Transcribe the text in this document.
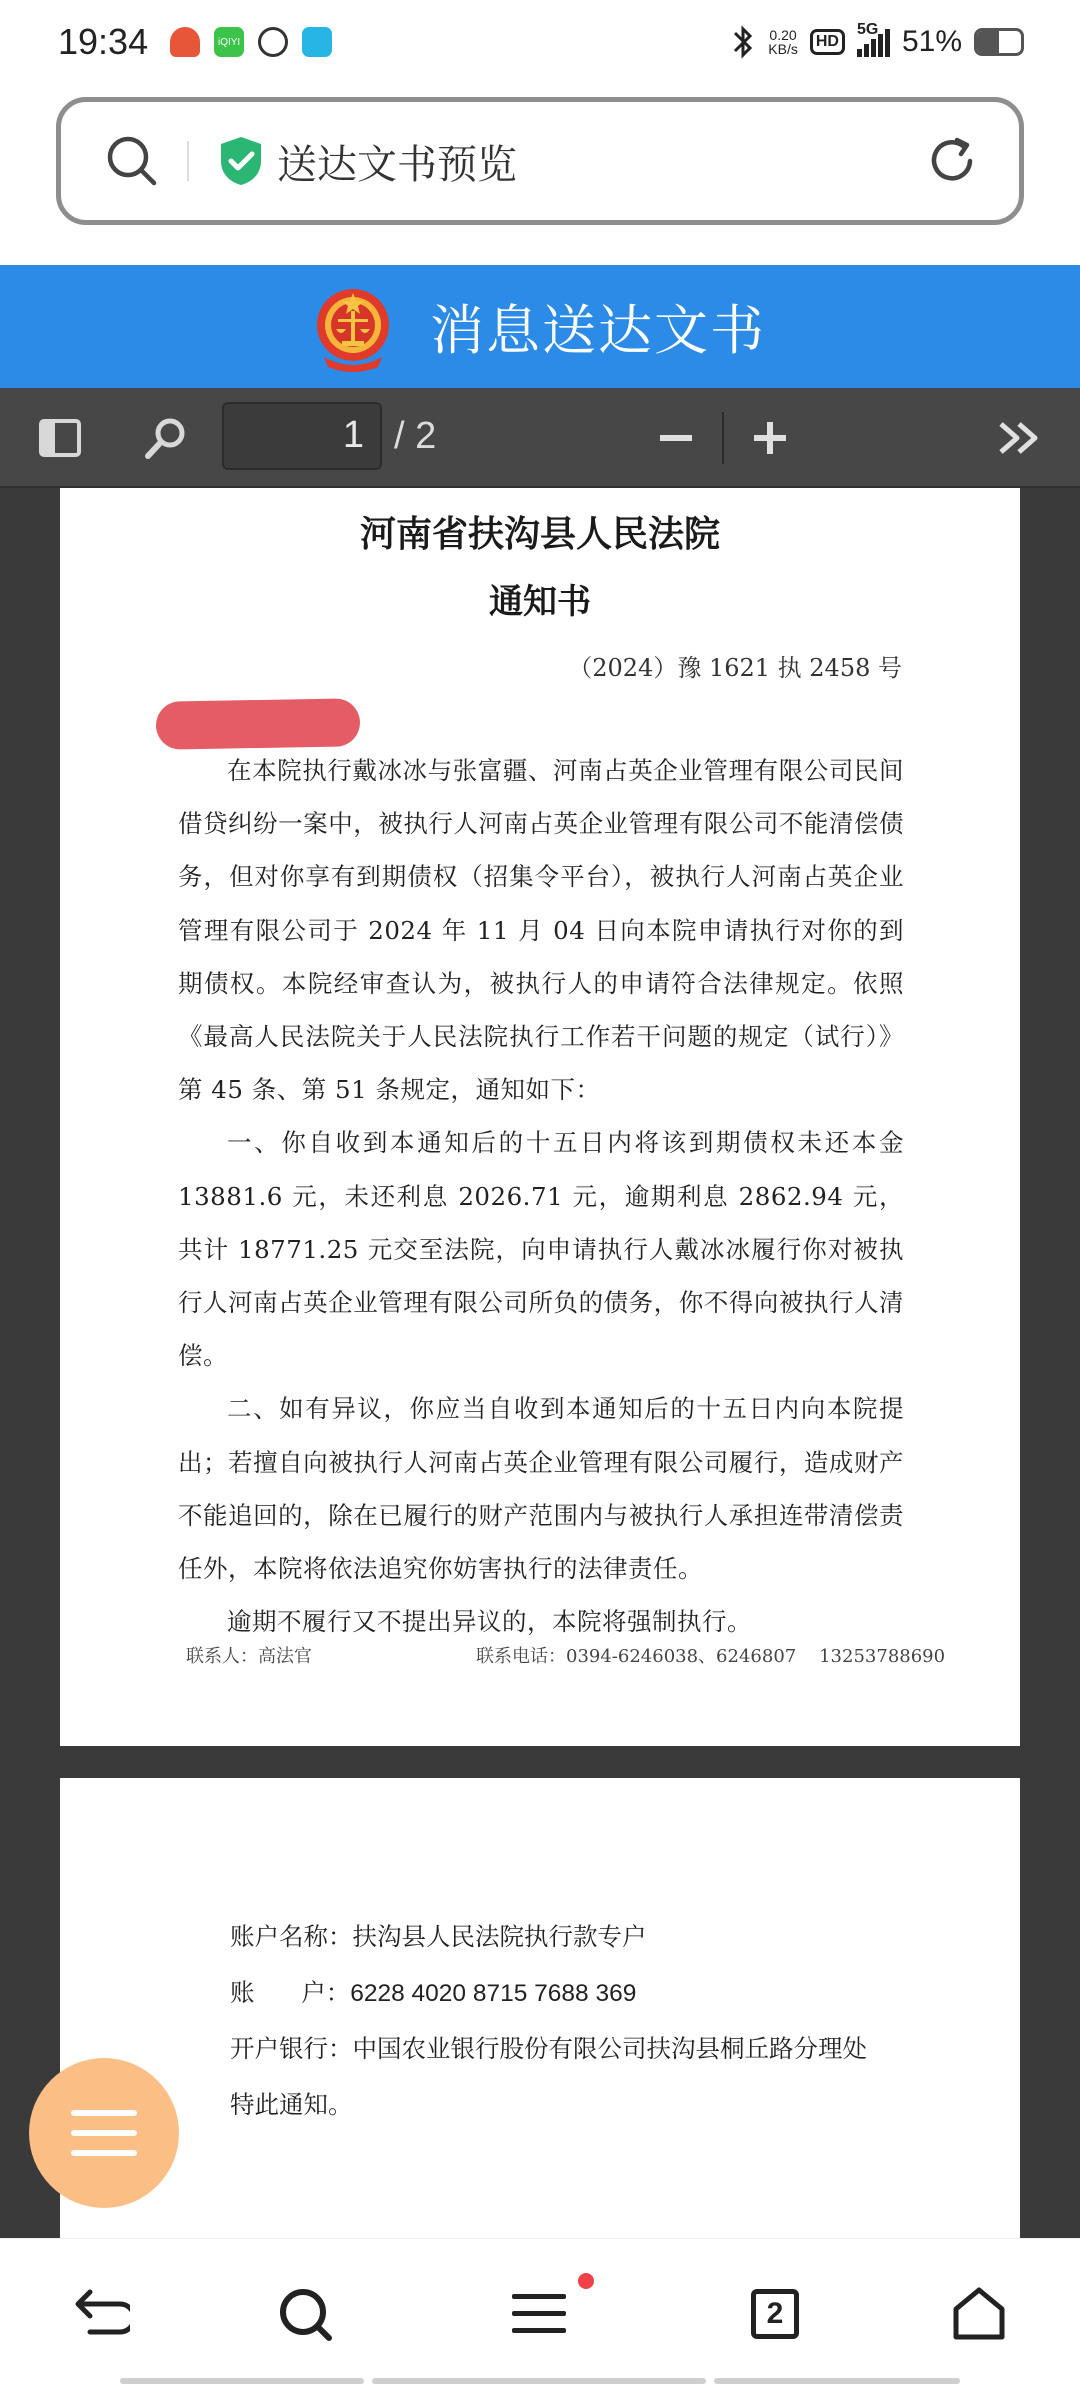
19:34	iQIYI	0.20
KB/s	HD
5G 51%
送达文书预览
消息送达文书
1 / 2
河南省扶沟县人民法院
通知书
（2024）豫 1621 执 2458 号

在本院执行戴冰冰与张富疆、河南占英企业管理有限公司民间借贷纠纷一案中，被执行人河南占英企业管理有限公司不能清偿债务，但对你享有到期债权（招集令平台），被执行人河南占英企业管理有限公司于 2024 年 11 月 04 日向本院申请执行对你的到期债权。本院经审查认为，被执行人的申请符合法律规定。依照《最高人民法院关于人民法院执行工作若干问题的规定（试行）》第 45 条、第 51 条规定，通知如下：

一、你自收到本通知后的十五日内将该到期债权未还本金 13881.6 元，未还利息 2026.71 元，逾期利息 2862.94 元，共计 18771.25 元交至法院，向申请执行人戴冰冰履行你对被执行人河南占英企业管理有限公司所负的债务，你不得向被执行人清偿。

二、如有异议，你应当自收到本通知后的十五日内向本院提出；若擅自向被执行人河南占英企业管理有限公司履行，造成财产不能追回的，除在已履行的财产范围内与被执行人承担连带清偿责任外，本院将依法追究你妨害执行的法律责任。

逾期不履行又不提出异议的，本院将强制执行。

联系人：高法官	联系电话：0394-6246038、6246807    13253788690
账户名称：扶沟县人民法院执行款专户
账      户：6228 4020 8715 7688 369
开户银行：中国农业银行股份有限公司扶沟县桐丘路分理处
特此通知。
2
